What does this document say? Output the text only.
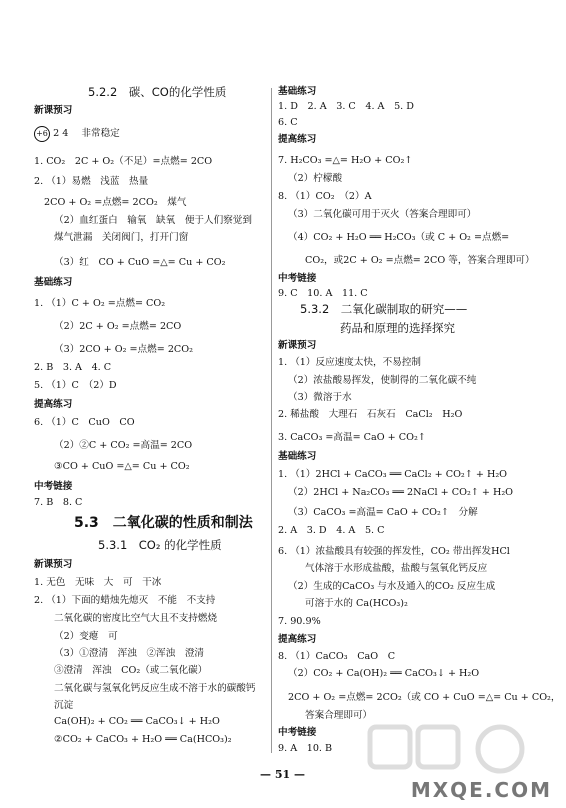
5.2.2　碳、CO的化学性质
新课预习
+6 2 4 非常稳定
1. CO₂　2C + O₂（不足）=点燃= 2CO
2. （1）易燃　浅蓝　热量
2CO + O₂ =点燃= 2CO₂　煤气
（2）血红蛋白　输氧　缺氧　便于人们察觉到
煤气泄漏　关闭阀门，打开门窗
（3）红　CO + CuO =△= Cu + CO₂
基础练习
1. （1）C + O₂ =点燃= CO₂
（2）2C + O₂ =点燃= 2CO
（3）2CO + O₂ =点燃= 2CO₂
2. B　3. A　4. C
5. （1）C　（2）D
提高练习
6. （1）C　CuO　CO
（2）②C + CO₂ =高温= 2CO
③CO + CuO =△= Cu + CO₂
中考链接
7. B　8. C
5.3　二氧化碳的性质和制法
5.3.1　CO₂ 的化学性质
新课预习
1. 无色　无味　大　可　干冰
2. （1）下面的蜡烛先熄灭　不能　不支持
二氧化碳的密度比空气大且不支持燃烧
（2）变瘪　可
（3）①澄清　浑浊　②浑浊　澄清
③澄清　浑浊　CO₂（或二氧化碳）
二氧化碳与氢氧化钙反应生成不溶于水的碳酸钙
沉淀
Ca(OH)₂ + CO₂ ══ CaCO₃↓ + H₂O
②CO₂ + CaCO₃ + H₂O ══ Ca(HCO₃)₂
基础练习
1. D　2. A　3. C　4. A　5. D
6. C
提高练习
7. H₂CO₃ =△= H₂O + CO₂↑
（2）柠檬酸
8. （1）CO₂　（2）A
（3）二氧化碳可用于灭火（答案合理即可）
（4）CO₂ + H₂O ══ H₂CO₃（或 C + O₂ =点燃=
CO₂，或2C + O₂ =点燃= 2CO 等，答案合理即可）
中考链接
9. C　10. A　11. C
5.3.2　二氧化碳制取的研究——
药品和原理的选择探究
新课预习
1. （1）反应速度太快，不易控制
（2）浓盐酸易挥发，使制得的二氧化碳不纯
（3）微溶于水
2. 稀盐酸　大理石　石灰石　CaCl₂　H₂O
3. CaCO₃ =高温= CaO + CO₂↑
基础练习
1. （1）2HCl + CaCO₃ ══ CaCl₂ + CO₂↑ + H₂O
（2）2HCl + Na₂CO₃ ══ 2NaCl + CO₂↑ + H₂O
（3）CaCO₃ =高温= CaO + CO₂↑　分解
2. A　3. D　4. A　5. C
6. （1）浓盐酸具有较强的挥发性，CO₂ 带出挥发HCl
气体溶于水形成盐酸，盐酸与氢氧化钙反应
（2）生成的CaCO₃ 与水及通入的CO₂ 反应生成
可溶于水的 Ca(HCO₃)₂
7. 90.9%
提高练习
8. （1）CaCO₃　CaO　C
（2）CO₂ + Ca(OH)₂ ══ CaCO₃↓ + H₂O
2CO + O₂ =点燃= 2CO₂（或 CO + CuO =△= Cu + CO₂，
答案合理即可）
中考链接
9. A　10. B
— 51 —
MXQE.COM
